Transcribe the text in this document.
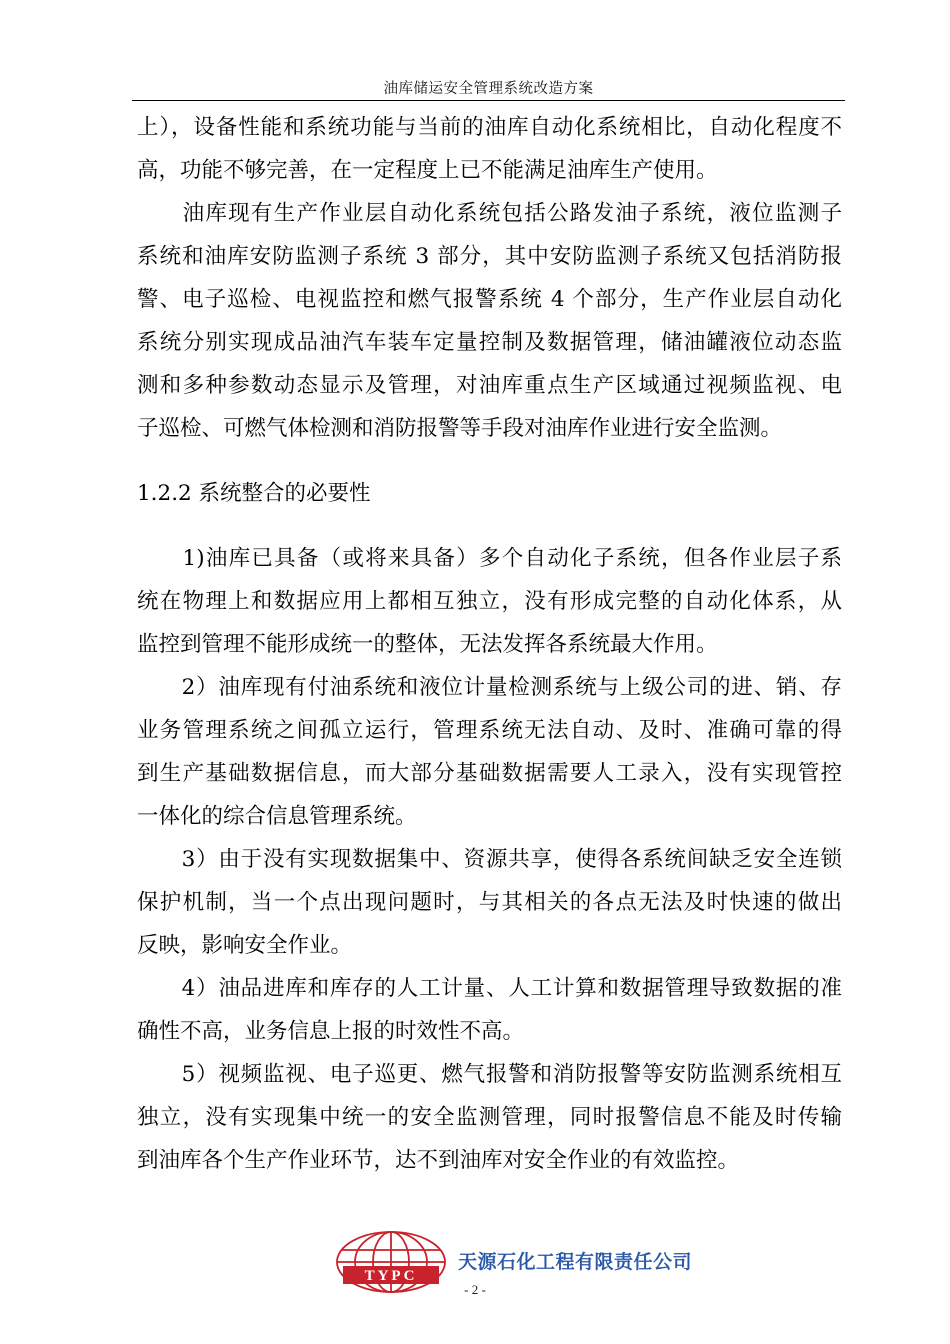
油库储运安全管理系统改造方案
上），设备性能和系统功能与当前的油库自动化系统相比，自动化程度不
高，功能不够完善，在一定程度上已不能满足油库生产使用。
　　油库现有生产作业层自动化系统包括公路发油子系统，液位监测子
系统和油库安防监测子系统 3 部分，其中安防监测子系统又包括消防报
警、电子巡检、电视监控和燃气报警系统 4 个部分，生产作业层自动化
系统分别实现成品油汽车装车定量控制及数据管理，储油罐液位动态监
测和多种参数动态显示及管理，对油库重点生产区域通过视频监视、电
子巡检、可燃气体检测和消防报警等手段对油库作业进行安全监测。
1.2.2 系统整合的必要性
　　1)油库已具备（或将来具备）多个自动化子系统，但各作业层子系
统在物理上和数据应用上都相互独立，没有形成完整的自动化体系，从
监控到管理不能形成统一的整体，无法发挥各系统最大作用。
　　2）油库现有付油系统和液位计量检测系统与上级公司的进、销、存
业务管理系统之间孤立运行，管理系统无法自动、及时、准确可靠的得
到生产基础数据信息，而大部分基础数据需要人工录入，没有实现管控
一体化的综合信息管理系统。
　　3）由于没有实现数据集中、资源共享，使得各系统间缺乏安全连锁
保护机制，当一个点出现问题时，与其相关的各点无法及时快速的做出
反映，影响安全作业。
　　4）油品进库和库存的人工计量、人工计算和数据管理导致数据的准
确性不高，业务信息上报的时效性不高。
　　5）视频监视、电子巡更、燃气报警和消防报警等安防监测系统相互
独立，没有实现集中统一的安全监测管理，同时报警信息不能及时传输
到油库各个生产作业环节，达不到油库对安全作业的有效监控。
TYPC
天源石化工程有限责任公司
- 2 -
